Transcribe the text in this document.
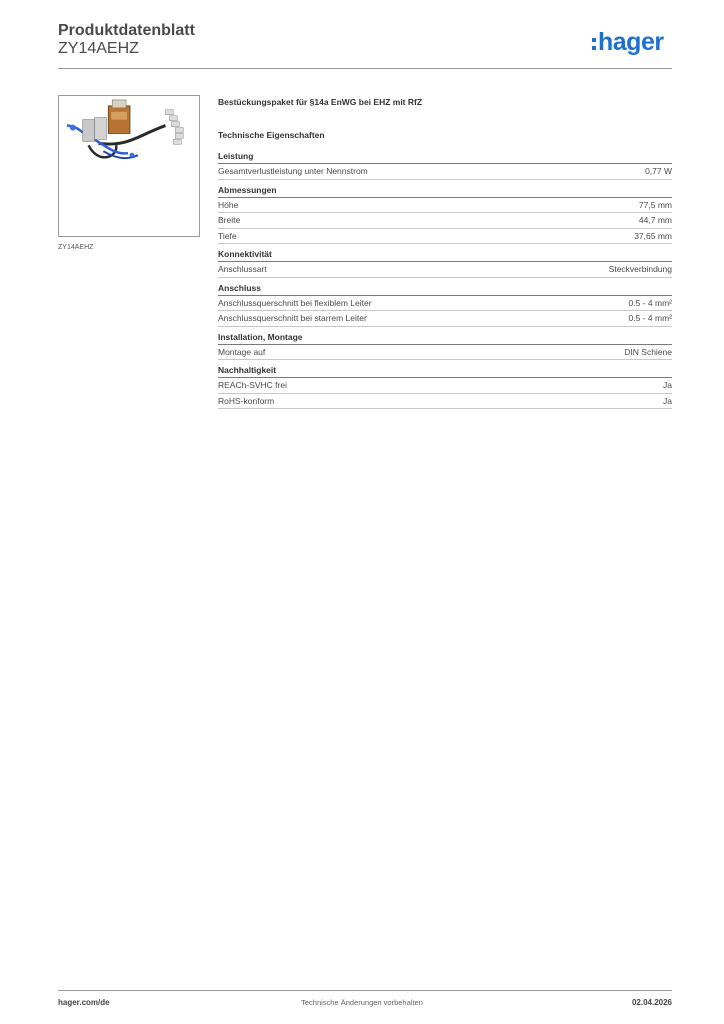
Produktdatenblatt
ZY14AEHZ	hager
ZY14AEHZ
Bestückungspaket für §14a EnWG bei EHZ mit RfZ
Technische Eigenschaften
Leistung
Gesamtverlustleistung unter Nennstrom	0,77 W
Abmessungen
Höhe	77,5 mm
Breite	44,7 mm
Tiefe	37,65 mm
Konnektivität
Anschlussart	Steckverbindung
Anschluss
Anschlussquerschnitt bei flexiblem Leiter	0.5 - 4 mm²
Anschlussquerschnitt bei starrem Leiter	0.5 - 4 mm²
Installation, Montage
Montage auf	DIN Schiene
Nachhaltigkeit
REACh-SVHC frei	Ja
RoHS-konform	Ja
hager.com/de	Technische Änderungen vorbehalten	02.04.2026
